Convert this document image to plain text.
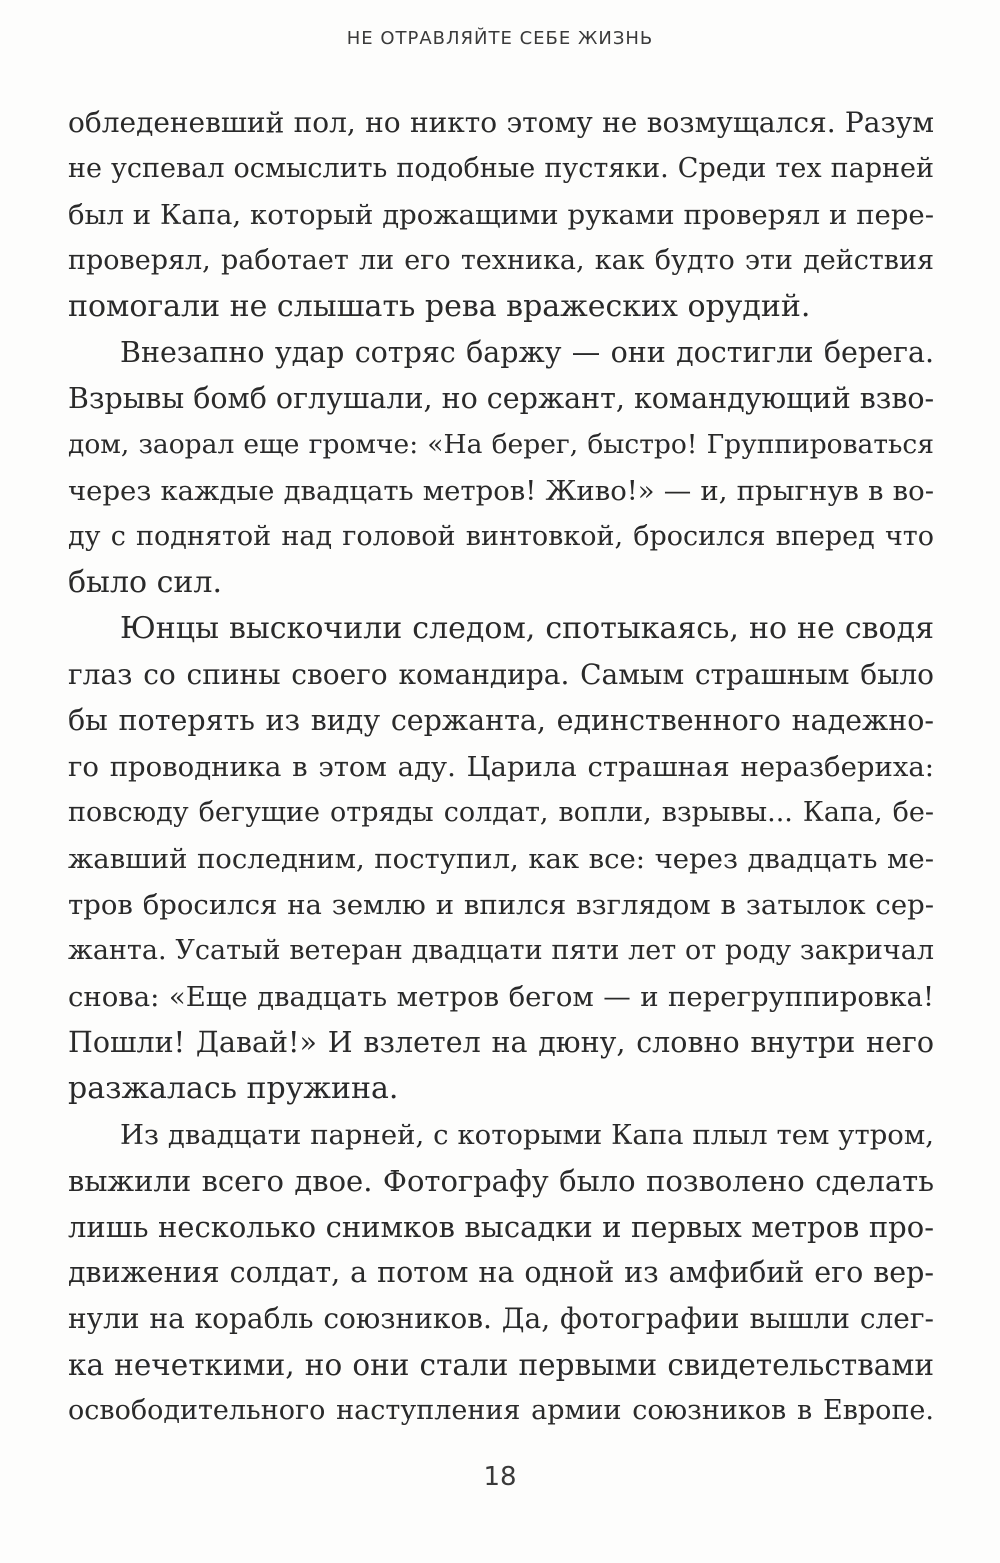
НЕ ОТРАВЛЯЙТЕ СЕБЕ ЖИЗНЬ
обледеневший пол, но никто этому не возмущался. Разум
не успевал осмыслить подобные пустяки. Среди тех парней
был и Капа, который дрожащими руками проверял и пере-
проверял, работает ли его техника, как будто эти действия
помогали не слышать рева вражеских орудий.
Внезапно удар сотряс баржу — они достигли берега.
Взрывы бомб оглушали, но сержант, командующий взво-
дом, заорал еще громче: «На берег, быстро! Группироваться
через каждые двадцать метров! Живо!» — и, прыгнув в во-
ду с поднятой над головой винтовкой, бросился вперед что
было сил.
Юнцы выскочили следом, спотыкаясь, но не сводя
глаз со спины своего командира. Самым страшным было
бы потерять из виду сержанта, единственного надежно-
го проводника в этом аду. Царила страшная неразбериха:
повсюду бегущие отряды солдат, вопли, взрывы... Капа, бе-
жавший последним, поступил, как все: через двадцать ме-
тров бросился на землю и впился взглядом в затылок сер-
жанта. Усатый ветеран двадцати пяти лет от роду закричал
снова: «Еще двадцать метров бегом — и перегруппировка!
Пошли! Давай!» И взлетел на дюну, словно внутри него
разжалась пружина.
Из двадцати парней, с которыми Капа плыл тем утром,
выжили всего двое. Фотографу было позволено сделать
лишь несколько снимков высадки и первых метров про-
движения солдат, а потом на одной из амфибий его вер-
нули на корабль союзников. Да, фотографии вышли слег-
ка нечеткими, но они стали первыми свидетельствами
освободительного наступления армии союзников в Европе.
18
